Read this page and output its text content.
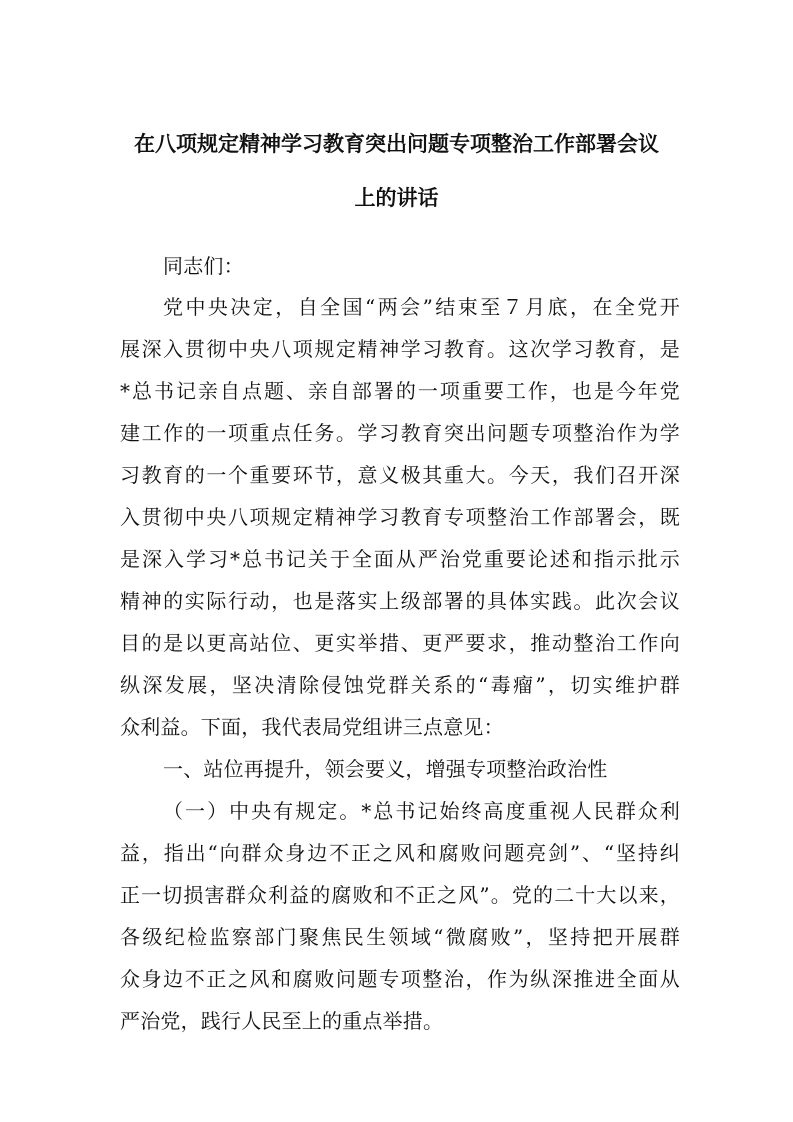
在八项规定精神学习教育突出问题专项整治工作部署会议
上的讲话
同志们：
党中央决定，自全国“两会”结束至７月底，在全党开
展深入贯彻中央八项规定精神学习教育。这次学习教育，是
*总书记亲自点题、亲自部署的一项重要工作，也是今年党
建工作的一项重点任务。学习教育突出问题专项整治作为学
习教育的一个重要环节，意义极其重大。今天，我们召开深
入贯彻中央八项规定精神学习教育专项整治工作部署会，既
是深入学习*总书记关于全面从严治党重要论述和指示批示
精神的实际行动，也是落实上级部署的具体实践。此次会议
目的是以更高站位、更实举措、更严要求，推动整治工作向
纵深发展，坚决清除侵蚀党群关系的“毒瘤”，切实维护群
众利益。下面，我代表局党组讲三点意见：
一、站位再提升，领会要义，增强专项整治政治性
（一）中央有规定。*总书记始终高度重视人民群众利
益，指出“向群众身边不正之风和腐败问题亮剑”、“坚持纠
正一切损害群众利益的腐败和不正之风”。党的二十大以来，
各级纪检监察部门聚焦民生领域“微腐败”，坚持把开展群
众身边不正之风和腐败问题专项整治，作为纵深推进全面从
严治党，践行人民至上的重点举措。
